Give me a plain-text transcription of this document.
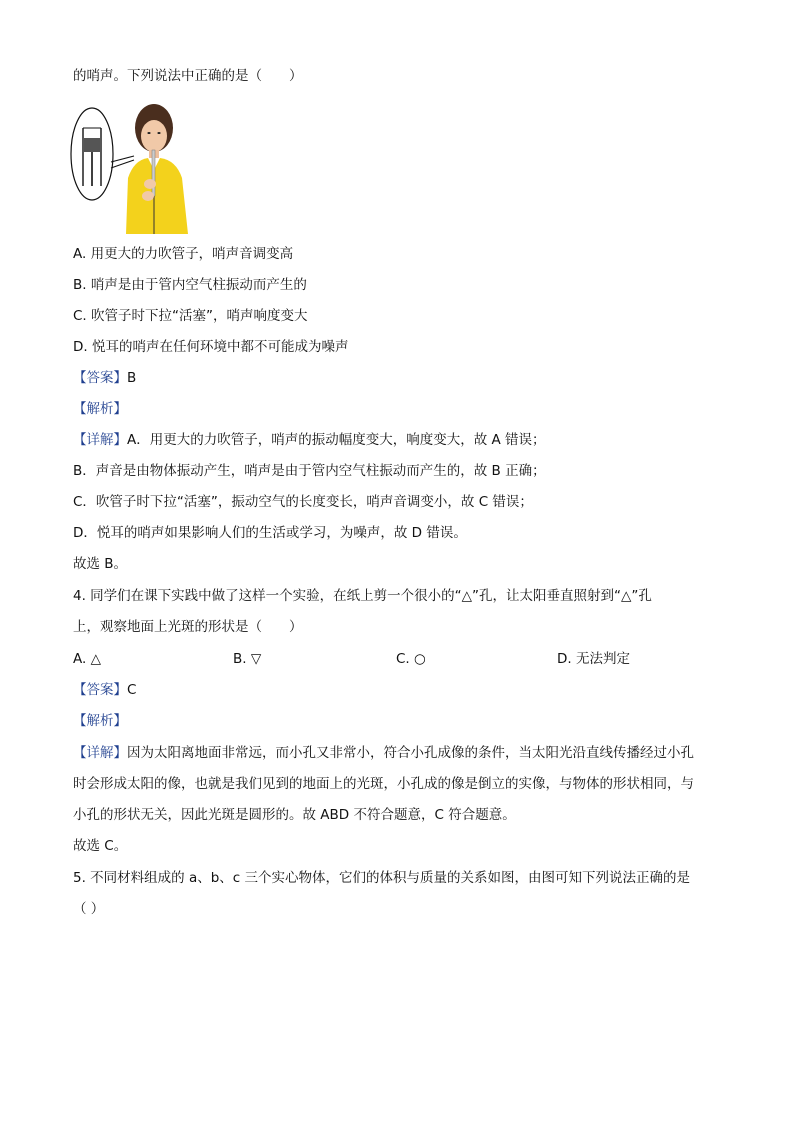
的哨声。下列说法中正确的是（　　）
A. 用更大的力吹管子，哨声音调变高
B. 哨声是由于管内空气柱振动而产生的
C. 吹管子时下拉“活塞”，哨声响度变大
D. 悦耳的哨声在任何环境中都不可能成为噪声
【答案】B
【解析】
【详解】A．用更大的力吹管子，哨声的振动幅度变大，响度变大，故 A 错误；
B．声音是由物体振动产生，哨声是由于管内空气柱振动而产生的，故 B 正确；
C．吹管子时下拉“活塞”，振动空气的长度变长，哨声音调变小，故 C 错误；
D．悦耳的哨声如果影响人们的生活或学习，为噪声，故 D 错误。
故选 B。
4. 同学们在课下实践中做了这样一个实验，在纸上剪一个很小的“△”孔，让太阳垂直照射到“△”孔
上，观察地面上光斑的形状是（　　）
A. △	B. ▽	C. ○	D. 无法判定
【答案】C
【解析】
【详解】因为太阳离地面非常远，而小孔又非常小，符合小孔成像的条件，当太阳光沿直线传播经过小孔
时会形成太阳的像，也就是我们见到的地面上的光斑，小孔成的像是倒立的实像，与物体的形状相同，与
小孔的形状无关，因此光斑是圆形的。故 ABD 不符合题意，C 符合题意。
故选 C。
5. 不同材料组成的 a、b、c 三个实心物体，它们的体积与质量的关系如图，由图可知下列说法正确的是
（ ）
